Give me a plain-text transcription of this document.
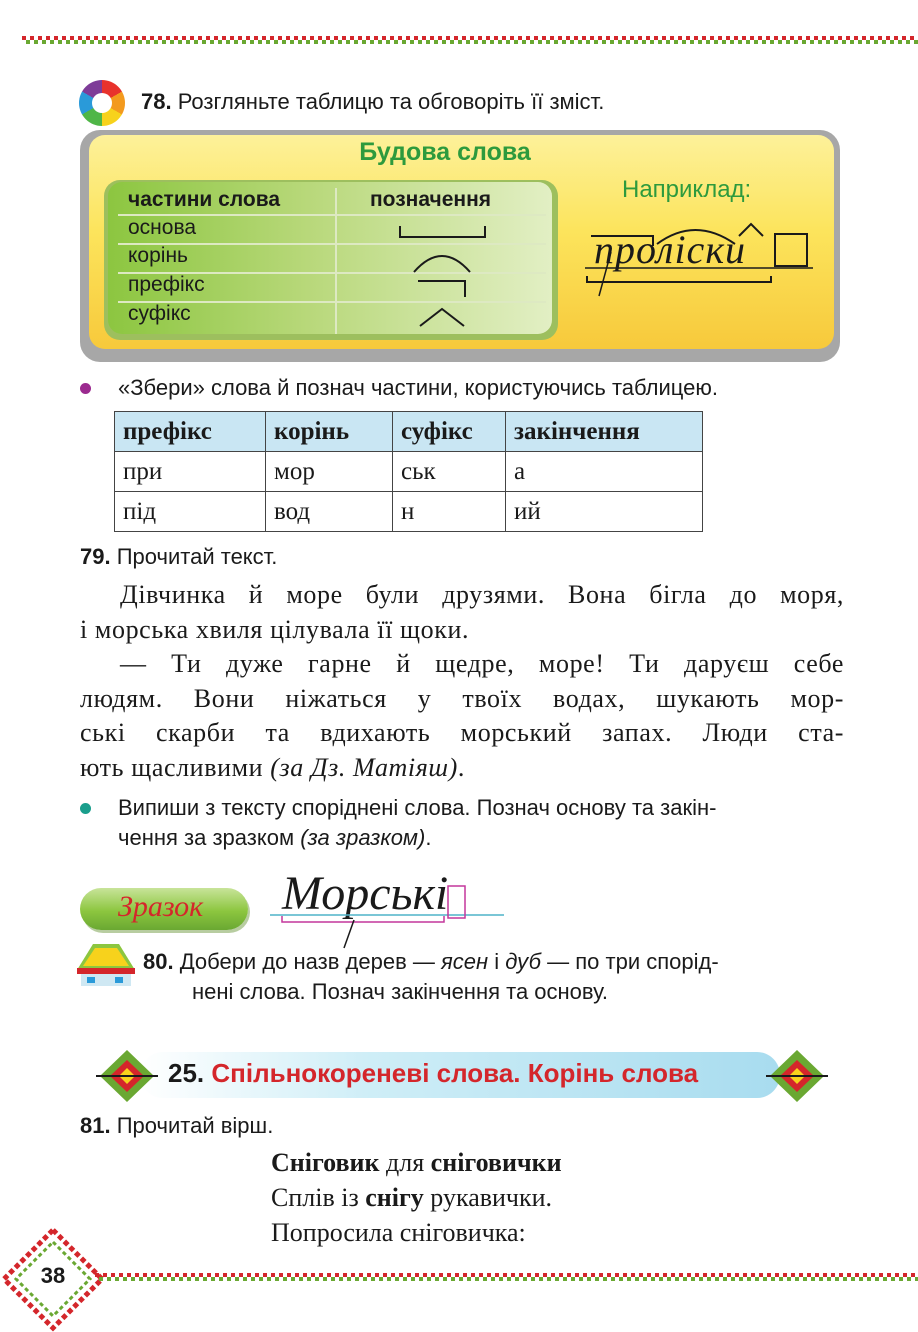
78. Розгляньте таблицю та обговоріть її зміст.
Будова слова
Наприклад:
частини слова	позначення
основа
корінь
префікс
суфікс
проліски
«Збери» слова й познач частини, користуючись таблицею.
префікс	корінь	суфікс	закінчення
при	мор	ськ	а
під	вод	н	ий
79. Прочитай текст.

Дівчинка й море були друзями. Вона бігла до моря,

і морська хвиля цілувала її щоки.

— Ти дуже гарне й щедре, море! Ти даруєш себе

людям. Вони ніжаться у твоїх водах, шукають мор-

ські скарби та вдихають морський запах. Люди ста-

ють щасливими (за Дз. Матіяш).

Випиши з тексту споріднені слова. Познач основу та закін-
чення за зразком (за зразком).
Зразок Морські
80. Добери до назв дерев — ясен і дуб — по три спорід-
нені слова. Познач закінчення та основу.
25. Спільнокореневі слова. Корінь слова
81. Прочитай вірш.
Сніговик для сніговички
Сплів із снігу рукавички.
Попросила сніговичка:
38
